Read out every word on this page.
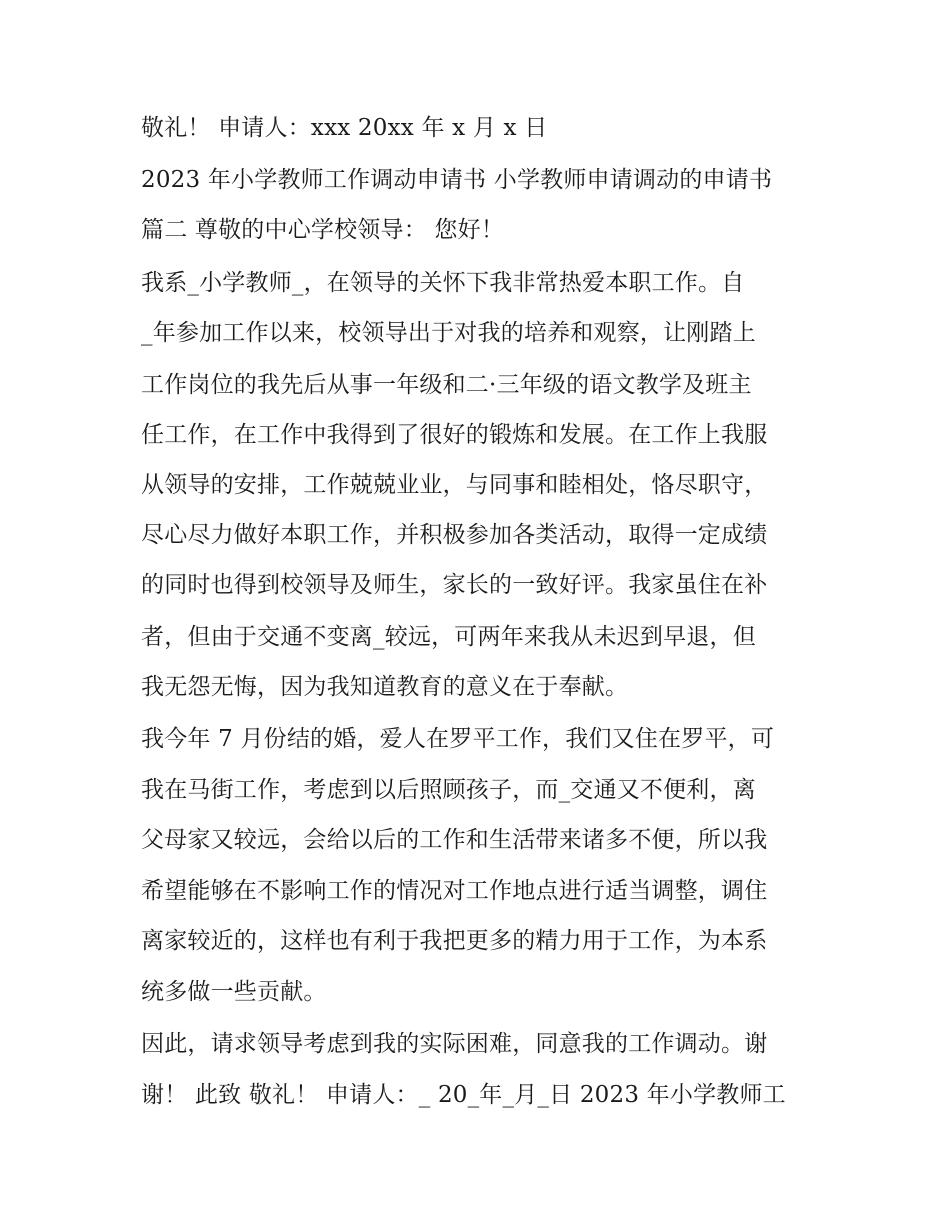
敬礼！ 申请人：xxx 20xx 年 x 月 x 日
2023 年小学教师工作调动申请书 小学教师申请调动的申请书
篇二 尊敬的中心学校领导： 您好！
我系_小学教师_，在领导的关怀下我非常热爱本职工作。自
_年参加工作以来，校领导出于对我的培养和观察，让刚踏上
工作岗位的我先后从事一年级和二·三年级的语文教学及班主
任工作，在工作中我得到了很好的锻炼和发展。在工作上我服
从领导的安排，工作兢兢业业，与同事和睦相处，恪尽职守，
尽心尽力做好本职工作，并积极参加各类活动，取得一定成绩
的同时也得到校领导及师生，家长的一致好评。我家虽住在补
者，但由于交通不变离_较远，可两年来我从未迟到早退，但
我无怨无悔，因为我知道教育的意义在于奉献。
我今年 7 月份结的婚，爱人在罗平工作，我们又住在罗平，可
我在马街工作，考虑到以后照顾孩子，而_交通又不便利，离
父母家又较远，会给以后的工作和生活带来诸多不便，所以我
希望能够在不影响工作的情况对工作地点进行适当调整，调住
离家较近的，这样也有利于我把更多的精力用于工作，为本系
统多做一些贡献。
因此，请求领导考虑到我的实际困难，同意我的工作调动。谢
谢！ 此致 敬礼！ 申请人：_ 20_年_月_日 2023 年小学教师工
